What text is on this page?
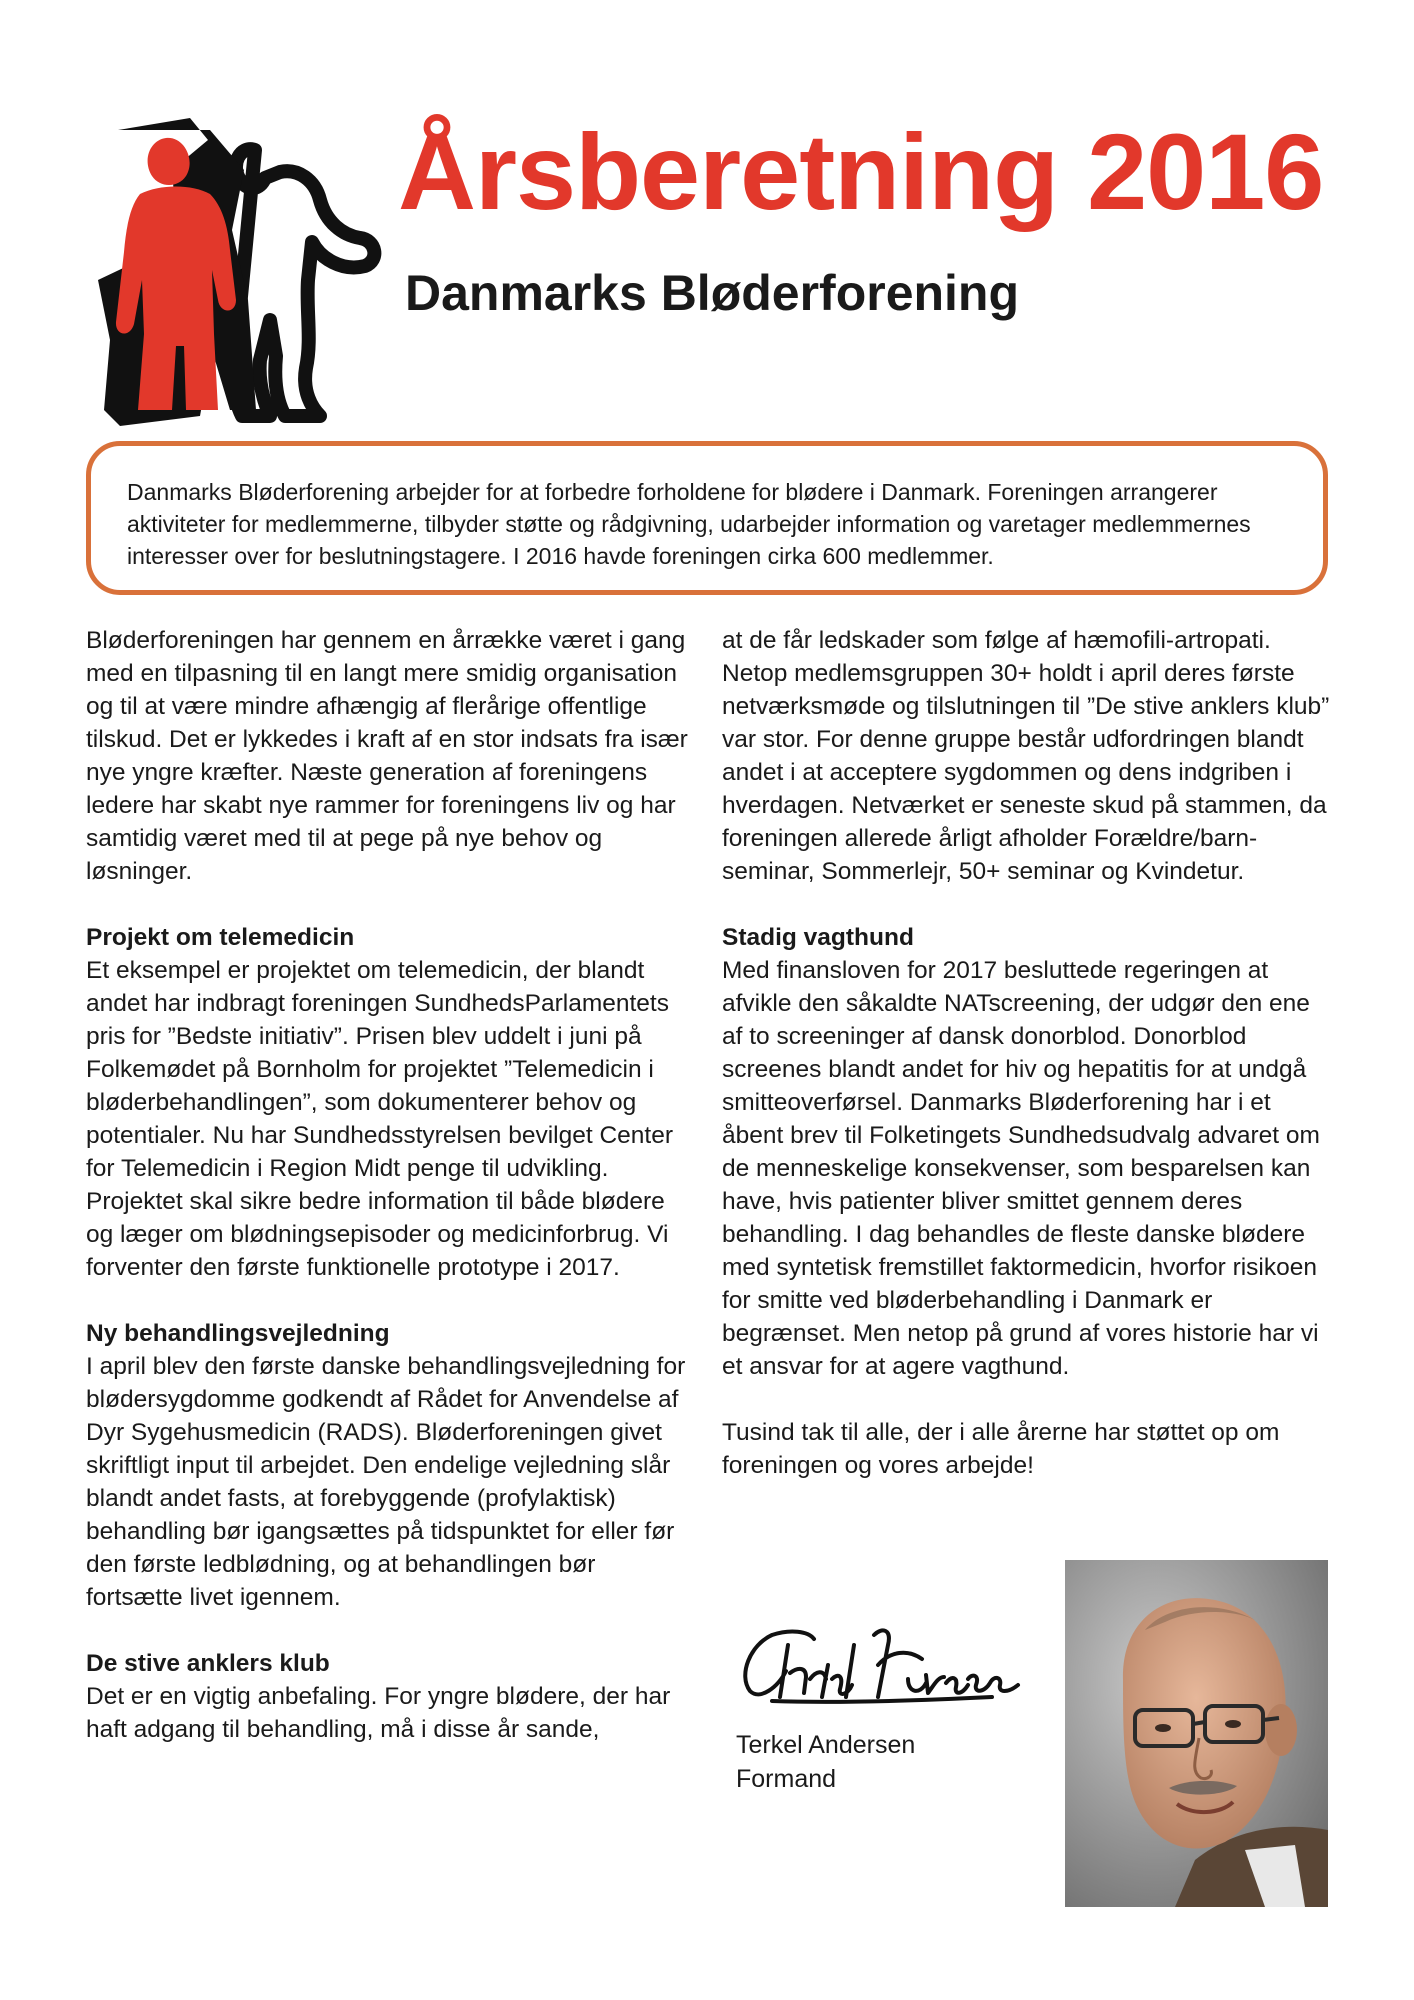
Årsberetning 2016
Danmarks Bløderforening

Danmarks Bløderforening arbejder for at forbedre forholdene for blødere i Danmark. Foreningen arrangerer aktiviteter for medlemmerne, tilbyder støtte og rådgivning, udarbejder information og varetager medlemmernes interesser over for beslutningstagere. I 2016 havde foreningen cirka 600 medlemmer.

Bløderforeningen har gennem en årrække været i gang med en tilpasning til en langt mere smidig organisation og til at være mindre afhængig af flerårige offentlige tilskud. Det er lykkedes i kraft af en stor indsats fra især nye yngre kræfter. Næste generation af foreningens ledere har skabt nye rammer for foreningens liv og har samtidig været med til at pege på nye behov og løsninger.

Projekt om telemedicin

Et eksempel er projektet om telemedicin, der blandt andet har indbragt foreningen SundhedsParlamentets pris for ”Bedste initiativ”. Prisen blev uddelt i juni på Folkemødet på Bornholm for projektet ”Telemedicin i bløderbehandlingen”, som dokumenterer behov og potentialer. Nu har Sundhedsstyrelsen bevilget Center for Telemedicin i Region Midt penge til udvikling. Projektet skal sikre bedre information til både blødere og læger om blødningsepisoder og medicinforbrug. Vi forventer den første funktionelle prototype i 2017.

Ny behandlingsvejledning

I april blev den første danske behandlingsvejledning for blødersygdomme godkendt af Rådet for Anvendelse af Dyr Sygehusmedicin (RADS). Bløderforeningen givet skriftligt input til arbejdet. Den endelige vejledning slår blandt andet fasts, at forebyggende (profylaktisk) behandling bør igangsættes på tidspunktet for eller før den første ledblødning, og at behandlingen bør fortsætte livet igennem.

De stive anklers klub

Det er en vigtig anbefaling. For yngre blødere, der har haft adgang til behandling, må i disse år sande,

at de får ledskader som følge af hæmofili-artropati. Netop medlemsgruppen 30+ holdt i april deres første netværksmøde og tilslutningen til ”De stive anklers klub” var stor. For denne gruppe består udfordringen blandt andet i at acceptere sygdommen og dens indgriben i hverdagen. Netværket er seneste skud på stammen, da foreningen allerede årligt afholder Forældre/barn-seminar, Sommerlejr, 50+ seminar og Kvindetur.

Stadig vagthund

Med finansloven for 2017 besluttede regeringen at afvikle den såkaldte NATscreening, der udgør den ene af to screeninger af dansk donorblod. Donorblod screenes blandt andet for hiv og hepatitis for at undgå smitteoverførsel. Danmarks Bløderforening har i et åbent brev til Folketingets Sundhedsudvalg advaret om de menneskelige konsekvenser, som besparelsen kan have, hvis patienter bliver smittet gennem deres behandling. I dag behandles de fleste danske blødere med syntetisk fremstillet faktormedicin, hvorfor risikoen for smitte ved bløderbehandling i Danmark er begrænset. Men netop på grund af vores historie har vi et ansvar for at agere vagthund.

Tusind tak til alle, der i alle årerne har støttet op om foreningen og vores arbejde!

Terkel Andersen
Formand
